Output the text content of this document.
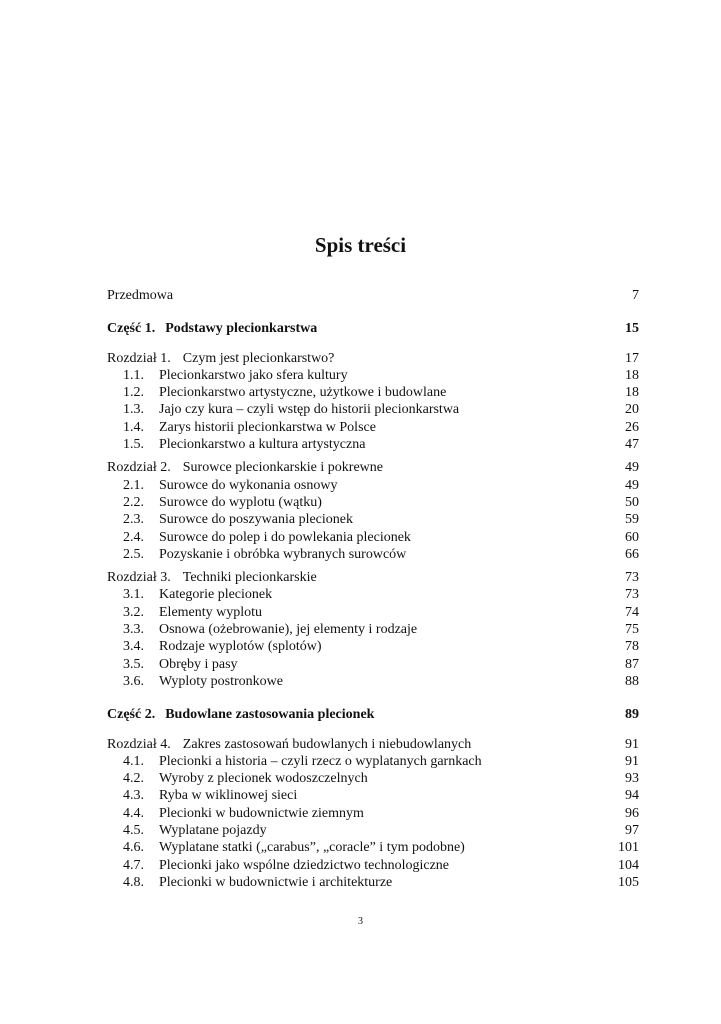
Spis treści
Przedmowa	7
Część 1. Podstawy plecionkarstwa	15
Rozdział 1. Czym jest plecionkarstwo?	17
1.1. Plecionkarstwo jako sfera kultury	18
1.2. Plecionkarstwo artystyczne, użytkowe i budowlane	18
1.3. Jajo czy kura – czyli wstęp do historii plecionkarstwa	20
1.4. Zarys historii plecionkarstwa w Polsce	26
1.5. Plecionkarstwo a kultura artystyczna	47
Rozdział 2. Surowce plecionkarskie i pokrewne	49
2.1. Surowce do wykonania osnowy	49
2.2. Surowce do wyplotu (wątku)	50
2.3. Surowce do poszywania plecionek	59
2.4. Surowce do polep i do powlekania plecionek	60
2.5. Pozyskanie i obróbka wybranych surowców	66
Rozdział 3. Techniki plecionkarskie	73
3.1. Kategorie plecionek	73
3.2. Elementy wyplotu	74
3.3. Osnowa (ożebrowanie), jej elementy i rodzaje	75
3.4. Rodzaje wyplotów (splotów)	78
3.5. Obręby i pasy	87
3.6. Wyploty postronkowe	88
Część 2. Budowlane zastosowania plecionek	89
Rozdział 4. Zakres zastosowań budowlanych i niebudowlanych	91
4.1. Plecionki a historia – czyli rzecz o wyplatanych garnkach	91
4.2. Wyroby z plecionek wodoszczelnych	93
4.3. Ryba w wiklinowej sieci	94
4.4. Plecionki w budownictwie ziemnym	96
4.5. Wyplatane pojazdy	97
4.6. Wyplatane statki („carabus”, „coracle” i tym podobne)	101
4.7. Plecionki jako wspólne dziedzictwo technologiczne	104
4.8. Plecionki w budownictwie i architekturze	105
3
